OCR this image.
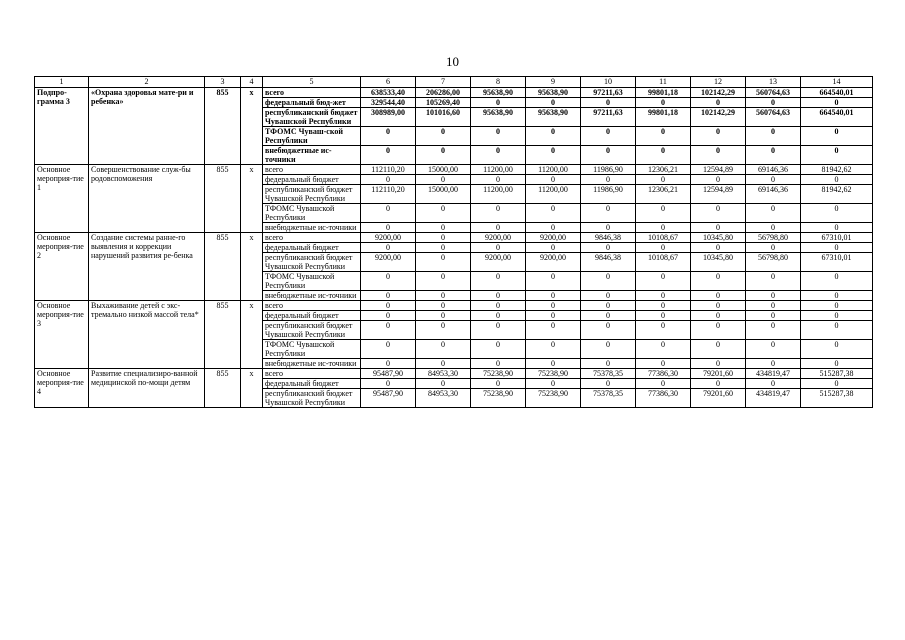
10
1	2	3	4	5	6	7	8	9	10	11	12	13	14
Подпро-грамма 3	«Охрана здоровья мате-ри и ребенка»	855	x	всего	638533,40	206286,00	95638,90	95638,90	97211,63	99801,18	102142,29	560764,63	664540,01
				федеральный бюд-жет	329544,40	105269,40	0	0	0	0	0	0	0
				республиканский бюджет Чувашской Республики	308989,00	101016,60	95638,90	95638,90	97211,63	99801,18	102142,29	560764,63	664540,01
				ТФОМС Чуваш-ской Республики	0	0	0	0	0	0	0	0	0
				внебюджетные ис-точники	0	0	0	0	0	0	0	0	0
Основное мероприя-тие 1	Совершенствование служ-бы родовспоможения	855	x	всего	112110,20	15000,00	11200,00	11200,00	11986,90	12306,21	12594,89	69146,36	81942,62
				федеральный бюджет	0	0	0	0	0	0	0	0	0
				республиканский бюджет Чувашской Республики	112110,20	15000,00	11200,00	11200,00	11986,90	12306,21	12594,89	69146,36	81942,62
				ТФОМС Чувашской Республики	0	0	0	0	0	0	0	0	0
				внебюджетные ис-точники	0	0	0	0	0	0	0	0	0
Основное мероприя-тие 2	Создание системы ранне-го выявления и коррекции нарушений развития ре-бенка	855	x	всего	9200,00	0	9200,00	9200,00	9846,38	10108,67	10345,80	56798,80	67310,01
				федеральный бюджет	0	0	0	0	0	0	0	0	0
				республиканский бюджет Чувашской Республики	9200,00	0	9200,00	9200,00	9846,38	10108,67	10345,80	56798,80	67310,01
				ТФОМС Чувашской Республики	0	0	0	0	0	0	0	0	0
				внебюджетные ис-точники	0	0	0	0	0	0	0	0	0
Основное мероприя-тие 3	Выхаживание детей с экс-тремально низкой массой тела*	855	x	всего	0	0	0	0	0	0	0	0	0
				федеральный бюджет	0	0	0	0	0	0	0	0	0
				республиканский бюджет Чувашской Республики	0	0	0	0	0	0	0	0	0
				ТФОМС Чувашской Республики	0	0	0	0	0	0	0	0	0
				внебюджетные ис-точники	0	0	0	0	0	0	0	0	0
Основное мероприя-тие 4	Развитие специализиро-ванной медицинской по-мощи детям	855	x	всего	95487,90	84953,30	75238,90	75238,90	75378,35	77386,30	79201,60	434819,47	515287,38
				федеральный бюджет	0	0	0	0	0	0	0	0	0
				республиканский бюджет Чувашской Республики	95487,90	84953,30	75238,90	75238,90	75378,35	77386,30	79201,60	434819,47	515287,38
